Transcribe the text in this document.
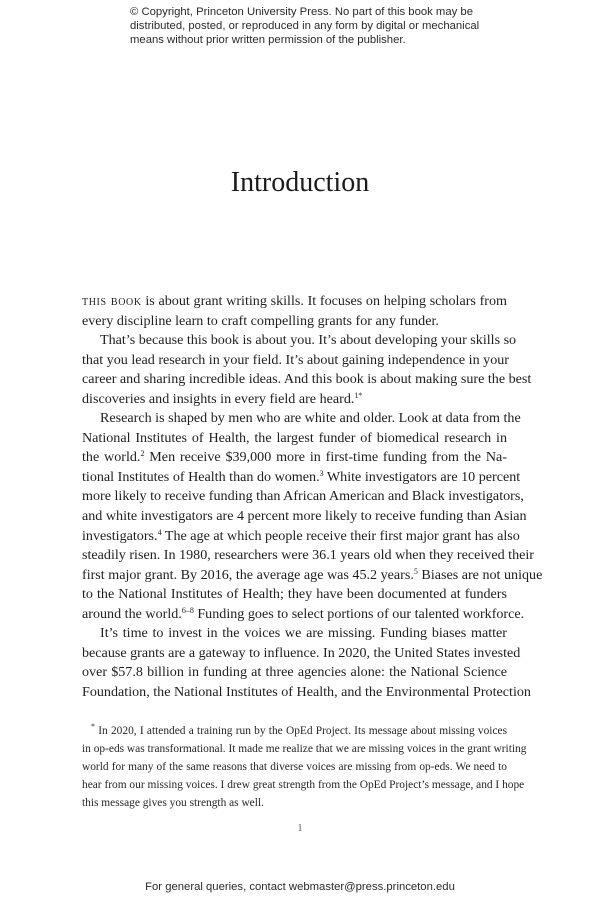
© Copyright, Princeton University Press. No part of this book may be
distributed, posted, or reproduced in any form by digital or mechanical
means without prior written permission of the publisher.
Introduction
this book is about grant writing skills. It focuses on helping scholars from
every discipline learn to craft compelling grants for any funder.
That’s because this book is about you. It’s about developing your skills so
that you lead research in your field. It’s about gaining independence in your
career and sharing incredible ideas. And this book is about making sure the best
discoveries and insights in every field are heard.$^{1*}$
Research is shaped by men who are white and older. Look at data from the
National Institutes of Health, the largest funder of biomedical research in
the world.$^2$ Men receive $39,000 more in first-time funding from the Na-
tional Institutes of Health than do women.$^3$ White investigators are 10 percent
more likely to receive funding than African American and Black investigators,
and white investigators are 4 percent more likely to receive funding than Asian
investigators.$^4$ The age at which people receive their first major grant has also
steadily risen. In 1980, researchers were 36.1 years old when they received their
first major grant. By 2016, the average age was 45.2 years.$^5$ Biases are not unique
to the National Institutes of Health; they have been documented at funders
around the world.$^{6-8}$ Funding goes to select portions of our talented workforce.
It’s time to invest in the voices we are missing. Funding biases matter
because grants are a gateway to influence. In 2020, the United States invested
over $57.8 billion in funding at three agencies alone: the National Science
Foundation, the National Institutes of Health, and the Environmental Protection
* In 2020, I attended a training run by the OpEd Project. Its message about missing voices
in op-eds was transformational. It made me realize that we are missing voices in the grant writing
world for many of the same reasons that diverse voices are missing from op-eds. We need to
hear from our missing voices. I drew great strength from the OpEd Project’s message, and I hope
this message gives you strength as well.
1
For general queries, contact webmaster@press.princeton.edu
